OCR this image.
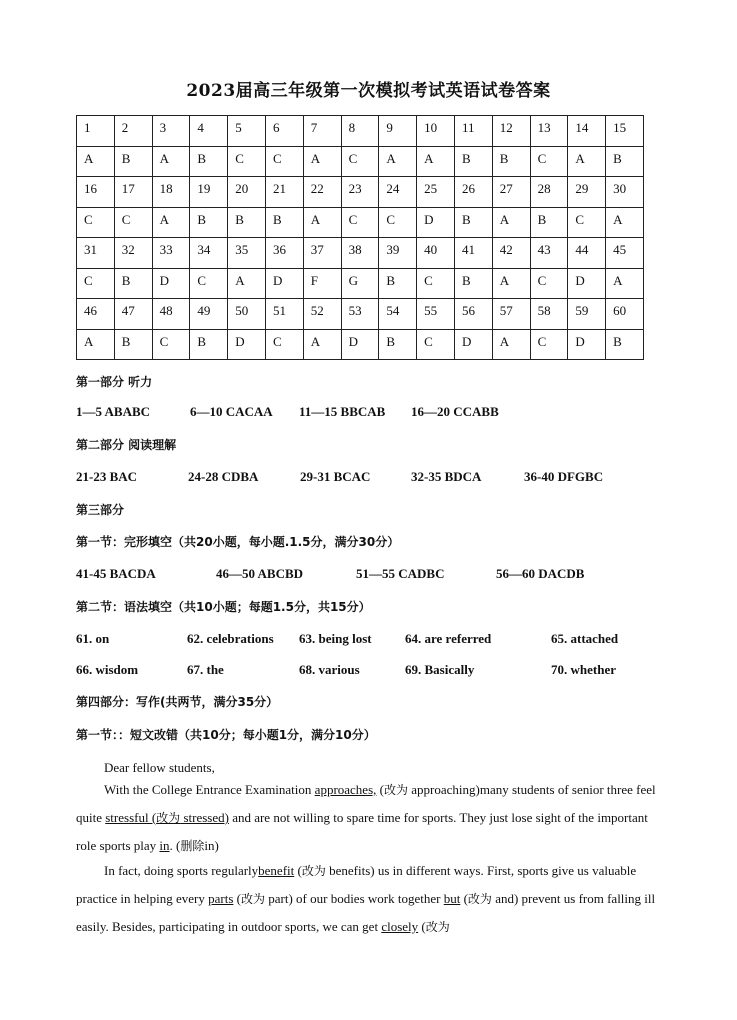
2023届高三年级第一次模拟考试英语试卷答案
1	2	3	4	5	6	7	8	9	10	11	12	13	14	15
A	B	A	B	C	C	A	C	A	A	B	B	C	A	B
16	17	18	19	20	21	22	23	24	25	26	27	28	29	30
C	C	A	B	B	B	A	C	C	D	B	A	B	C	A
31	32	33	34	35	36	37	38	39	40	41	42	43	44	45
C	B	D	C	A	D	F	G	B	C	B	A	C	D	A
46	47	48	49	50	51	52	53	54	55	56	57	58	59	60
A	B	C	B	D	C	A	D	B	C	D	A	C	D	B
第一部分 听力
1—5 ABABC	6—10 CACAA 11—15 BBCAB 16—20 CCABB
第二部分 阅读理解
21-23 BAC	24-28 CDBA	29-31 BCAC	32-35 BDCA	36-40 DFGBC
第三部分
第一节：完形填空（共20小题，每小题.1.5分，满分30分）
41-45 BACDA	46—50 ABCBD	51—55 CADBC	56—60 DACDB
第二节：语法填空（共10小题；每题1.5分，共15分）
61. on	62. celebrations 63. being lost	64. are referred	65. attached
66. wisdom	67. the	68. various	69. Basically	70. whether
第四部分：写作(共两节，满分35分）
第一节：：短文改错（共10分；每小题1分，满分10分）
Dear fellow students,
With the College Entrance Examination approaches, (改为 approaching)many students of senior three feel quite stressful (改为 stressed) and are not willing to spare time for sports. They just lose sight of the important role sports play in. (删除in)
In fact, doing sports regularlybenefit (改为 benefits) us in different ways. First, sports give us valuable practice in helping every parts (改为 part) of our bodies work together but (改为 and) prevent us from falling ill easily. Besides, participating in outdoor sports, we can get closely (改为
